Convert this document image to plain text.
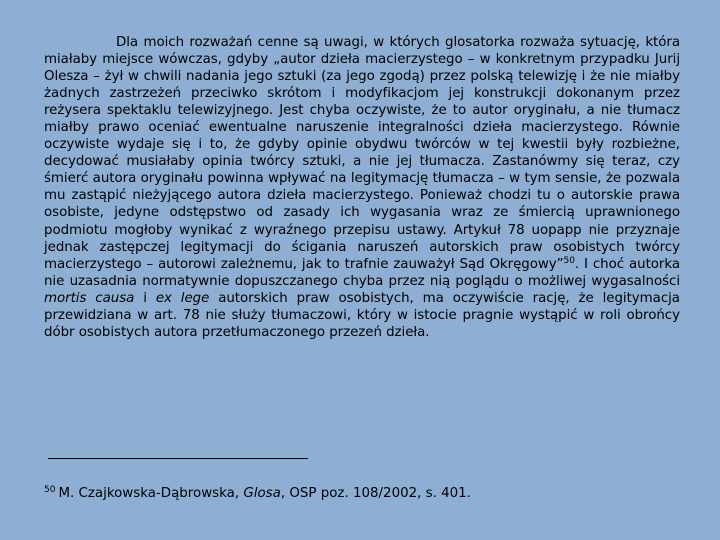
Dla moich rozważań cenne są uwagi, w których glosatorka rozważa sytuację, która miałaby miejsce wówczas, gdyby „autor dzieła macierzystego – w konkretnym przypadku Jurij Olesza – żył w chwili nadania jego sztuki (za jego zgodą) przez polską telewizję i że nie miałby żadnych zastrzeżeń przeciwko skrótom i modyfikacjom jej konstrukcji dokonanym przez reżysera spektaklu telewizyjnego. Jest chyba oczywiste, że to autor oryginału, a nie tłumacz miałby prawo oceniać ewentualne naruszenie integralności dzieła macierzystego. Równie oczywiste wydaje się i to, że gdyby opinie obydwu twórców w tej kwestii były rozbieżne, decydować musiałaby opinia twórcy sztuki, a nie jej tłumacza. Zastanówmy się teraz, czy śmierć autora oryginału powinna wpływać na legitymację tłumacza – w tym sensie, że pozwala mu zastąpić nieżyjącego autora dzieła macierzystego. Ponieważ chodzi tu o autorskie prawa osobiste, jedyne odstępstwo od zasady ich wygasania wraz ze śmiercią uprawnionego podmiotu mogłoby wynikać z wyraźnego przepisu ustawy. Artykuł 78 uopapp nie przyznaje jednak zastępczej legitymacji do ścigania naruszeń autorskich praw osobistych twórcy macierzystego – autorowi zależnemu, jak to trafnie zauważył Sąd Okręgowy”$^{50}$. I choć autorka nie uzasadnia normatywnie dopuszczanego chyba przez nią poglądu o możliwej wygasalności mortis causa i ex lege autorskich praw osobistych, ma oczywiście rację, że legitymacja przewidziana w art. 78 nie służy tłumaczowi, który w istocie pragnie wystąpić w roli obrońcy dóbr osobistych autora przetłumaczonego przezeń dzieła.

$^{50}$ M. Czajkowska-Dąbrowska, Glosa, OSP poz. 108/2002, s. 401.
